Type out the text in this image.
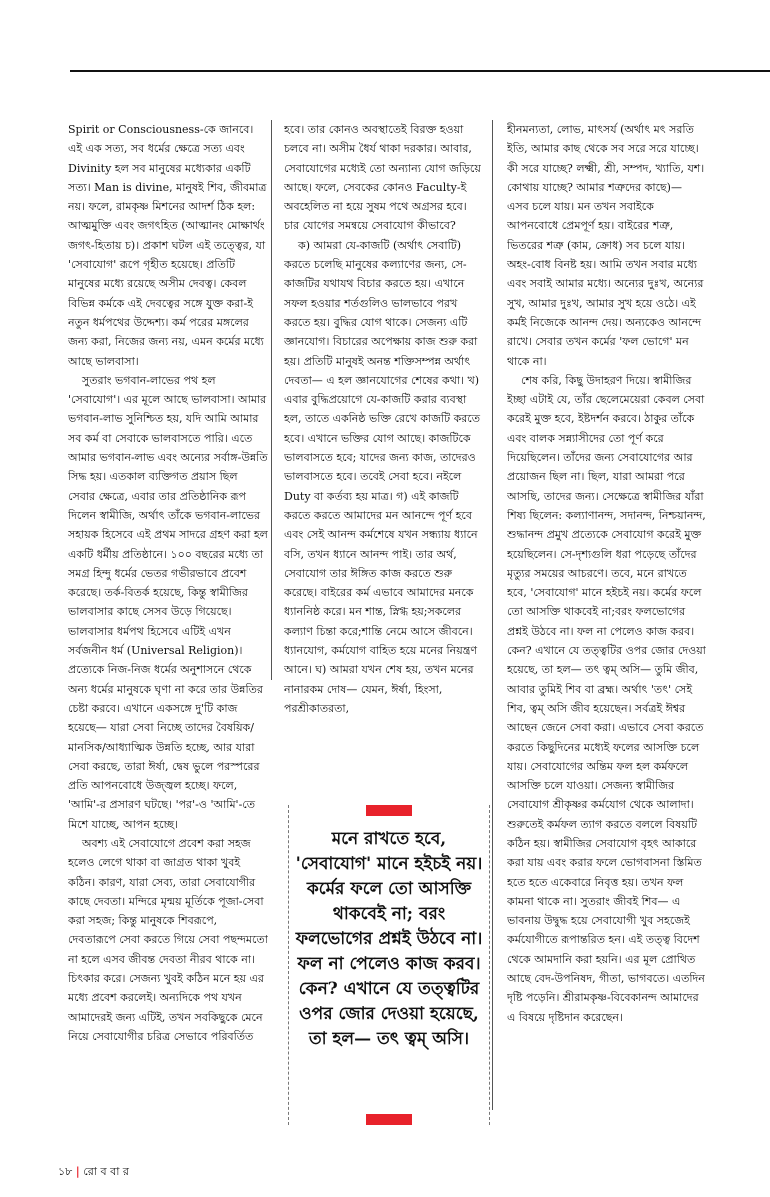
Spirit or Consciousness-কে জানবে। এই এক সত্য, সব ধর্মের ক্ষেত্রে সত্য এবং Divinity হল সব মানুষের মধ্যেকার একটি সত্য। Man is divine, মানুষই শিব, জীবমাত্র নয়। ফলে, রামকৃষ্ণ মিশনের আদর্শ ঠিক হল: আত্মমুক্তি এবং জগৎহিত (আত্মানং মোক্ষার্থং জগৎ-হিতায় চ)। প্রকাশ ঘটল এই তত্ত্বের, যা 'সেবাযোগ' রূপে গৃহীত হয়েছে। প্রতিটি মানুষের মধ্যে রয়েছে অসীম দেবত্ব। কেবল বিভিন্ন কর্মকে এই দেবত্বের সঙ্গে যুক্ত করা-ই নতুন ধর্মপথের উদ্দেশ্য। কর্ম পরের মঙ্গলের জন্য করা, নিজের জন্য নয়, এমন কর্মের মধ্যে আছে ভালবাসা।

সুতরাং ভগবান-লাভের পথ হল 'সেবাযোগ'। এর মূলে আছে ভালবাসা। আমার ভগবান-লাভ সুনিশ্চিত হয়, যদি আমি আমার সব কর্ম বা সেবাকে ভালবাসতে পারি। এতে আমার ভগবান-লাভ এবং অন্যের সর্বাঙ্গ-উন্নতি সিদ্ধ হয়। এতকাল ব্যক্তিগত প্রয়াস ছিল সেবার ক্ষেত্রে, এবার তার প্রতিষ্ঠানিক রূপ দিলেন স্বামীজি, অর্থাৎ তাঁকে ভগবান-লাভের সহায়ক হিসেবে এই প্রথম সাদরে গ্রহণ করা হল একটি ধর্মীয় প্রতিষ্ঠানে। ১০০ বছরের মধ্যে তা সমগ্র হিন্দু ধর্মের ভেতর গভীরভাবে প্রবেশ করেছে। তর্ক-বিতর্ক হয়েছে, কিন্তু স্বামীজির ভালবাসার কাছে সেসব উড়ে গিয়েছে। ভালবাসার ধর্মপথ হিসেবে এটিই এখন সর্বজনীন ধর্ম (Universal Religion)। প্রত্যেকে নিজ-নিজ ধর্মের অনুশাসনে থেকে অন্য ধর্মের মানুষকে ঘৃণা না করে তার উন্নতির চেষ্টা করবে। এখানে একসঙ্গে দু'টি কাজ হয়েছে— যারা সেবা নিচ্ছে তাদের বৈষয়িক/মানসিক/আধ্যাত্মিক উন্নতি হচ্ছে, আর যারা সেবা করছে, তারা ঈর্ষা, দ্বেষ ভুলে পরস্পরের প্রতি আপনবোধে উজ্জ্বল হচ্ছে। ফলে, 'আমি'-র প্রসারণ ঘটছে। 'পর'-ও 'আমি'-তে মিশে যাচ্ছে, আপন হচ্ছে।

অবশ্য এই সেবাযোগে প্রবেশ করা সহজ হলেও লেগে থাকা বা জাগ্রত থাকা খুবই কঠিন। কারণ, যারা সেব্য, তারা সেবাযোগীর কাছে দেবতা। মন্দিরে মৃন্ময় মূর্তিকে পূজা-সেবা করা সহজ; কিন্তু মানুষকে শিবরূপে, দেবতারূপে সেবা করতে গিয়ে সেবা পছন্দমতো না হলে এসব জীবন্ত দেবতা নীরব থাকে না। চিৎকার করে। সেজন্য খুবই কঠিন মনে হয় এর মধ্যে প্রবেশ করলেই। অন্যদিকে পথ যখন আমাদেরই জন্য এটিই, তখন সবকিছুকে মেনে নিয়ে সেবাযোগীর চরিত্র সেভাবে পরিবর্তিত

হবে। তার কোনও অবস্থাতেই বিরক্ত হওয়া চলবে না। অসীম ধৈর্য থাকা দরকার। আবার, সেবাযোগের মধ্যেই তো অন্যান্য যোগ জড়িয়ে আছে। ফলে, সেবকের কোনও Faculty-ই অবহেলিত না হয়ে সুষম পথে অগ্রসর হবে। চার যোগের সমন্বয়ে সেবাযোগ কীভাবে?

ক) আমরা যে-কাজটি (অর্থাৎ সেবাটি) করতে চলেছি মানুষের কল্যাণের জন্য, সে-কাজটির যথাযথ বিচার করতে হয়। এখানে সফল হওয়ার শর্তগুলিও ভালভাবে পরখ করতে হয়। বুদ্ধির যোগ থাকে। সেজন্য এটি জ্ঞানযোগ। বিচারের অপেক্ষায় কাজ শুরু করা হয়। প্রতিটি মানুষই অনন্ত শক্তিসম্পন্ন অর্থাৎ দেবতা— এ হল জ্ঞানযোগের শেষের কথা। খ) এবার বুদ্ধিপ্রয়োগে যে-কাজটি করার ব্যবস্থা হল, তাতে একনিষ্ঠ ভক্তি রেখে কাজটি করতে হবে। এখানে ভক্তির যোগ আছে। কাজটিকে ভালবাসতে হবে; যাদের জন্য কাজ, তাদেরও ভালবাসতে হবে। তবেই সেবা হবে। নইলে Duty বা কর্তব্য হয় মাত্র। গ) এই কাজটি করতে করতে আমাদের মন আনন্দে পূর্ণ হবে এবং সেই আনন্দ কর্মশেষে যখন সন্ধ্যায় ধ্যানে বসি, তখন ধ্যানে আনন্দ পাই। তার অর্থ, সেবাযোগ তার ঈঙ্গিত কাজ করতে শুরু করেছে। বাইরের কর্ম এভাবে আমাদের মনকে ধ্যাননিষ্ঠ করে। মন শান্ত, স্নিগ্ধ হয়;সকলের কল্যাণ চিন্তা করে;শান্তি নেমে আসে জীবনে। ধ্যানযোগ, কর্মযোগ বাহিত হয়ে মনের নিয়ন্ত্রণ আনে। ঘ) আমরা যখন শেষ হয়, তখন মনের নানারকম দোষ— যেমন, ঈর্ষা, হিংসা, পরশ্রীকাতরতা,

মনে রাখতে হবে, 'সেবাযোগ' মানে হইচই নয়। কর্মের ফলে তো আসক্তি থাকবেই না; বরং ফলভোগের প্রশ্নই উঠবে না। ফল না পেলেও কাজ করব। কেন? এখানে যে তত্ত্বটির ওপর জোর দেওয়া হয়েছে, তা হল— তৎ ত্বম্‌ অসি।

হীনমন্যতা, লোভ, মাৎসর্য (অর্থাৎ মৎ সরতি ইতি, আমার কাছ থেকে সব সরে সরে যাচ্ছে। কী সরে যাচ্ছে? লক্ষ্মী, শ্রী, সম্পদ, খ্যাতি, যশ। কোথায় যাচ্ছে? আমার শত্রুদের কাছে)— এসব চলে যায়। মন তখন সবাইকে আপনবোধে প্রেমপূর্ণ হয়। বাইরের শত্রু, ভিতরের শত্রু (কাম, ক্রোধ) সব চলে যায়। অহং-বোধ বিনষ্ট হয়। আমি তখন সবার মধ্যে এবং সবাই আমার মধ্যে। অন্যের দুঃখ, অন্যের সুখ, আমার দুঃখ, আমার সুখ হয়ে ওঠে। এই কর্মই নিজেকে আনন্দ দেয়। অন্যকেও আনন্দে রাখে। সেবার তখন কর্মের 'ফল ভোগে' মন থাকে না।

শেষ করি, কিছু উদাহরণ দিয়ে। স্বামীজির ইচ্ছা এটাই যে, তাঁর ছেলেমেয়েরা কেবল সেবা করেই মুক্ত হবে, ইষ্টদর্শন করবে। ঠাকুর তাঁকে এবং বালক সন্ন্যাসীদের তো পূর্ণ করে দিয়েছিলেন। তাঁদের জন্য সেবাযোগের আর প্রয়োজন ছিল না। ছিল, যারা আমরা পরে আসছি, তাদের জন্য। সেক্ষেত্রে স্বামীজির যাঁরা শিষ্য ছিলেন: কল্যাণানন্দ, সদানন্দ, নিশ্চয়ানন্দ, শুদ্ধানন্দ প্রমুখ প্রত্যেকে সেবাযোগ করেই মুক্ত হয়েছিলেন। সে-দৃশ্যগুলি ধরা পড়েছে তাঁদের মৃত্যুর সময়ের আচরণে। তবে, মনে রাখতে হবে, 'সেবাযোগ' মানে হইচই নয়। কর্মের ফলে তো আসক্তি থাকবেই না;বরং ফলভোগের প্রশ্নই উঠবে না। ফল না পেলেও কাজ করব। কেন? এখানে যে তত্ত্বটির ওপর জোর দেওয়া হয়েছে, তা হল— তৎ ত্বম্‌ অসি— তুমি জীব, আবার তুমিই শিব বা ব্রহ্ম। অর্থাৎ 'তৎ' সেই শিব, ত্বম্‌ অসি জীব হয়েছেন। সর্বত্রই ঈশ্বর আছেন জেনে সেবা করা। এভাবে সেবা করতে করতে কিছুদিনের মধ্যেই ফলের আসক্তি চলে যায়। সেবাযোগের অন্তিম ফল হল কর্মফলে আসক্তি চলে যাওয়া। সেজন্য স্বামীজির সেবাযোগ শ্রীকৃষ্ণর কর্মযোগ থেকে আলাদা। শুরুতেই কর্মফল ত্যাগ করতে বললে বিষয়টি কঠিন হয়। স্বামীজির সেবাযোগ বৃহৎ আকারে করা যায় এবং করার ফলে ভোগবাসনা স্তিমিত হতে হতে একেবারে নিবৃত্ত হয়। তখন ফল কামনা থাকে না। সুতরাং জীবই শিব— এ ভাবনায় উদ্বুদ্ধ হয়ে সেবাযোগী খুব সহজেই কর্মযোগীতে রূপান্তরিত হন। এই তত্ত্ব বিদেশ থেকে আমদানি করা হয়নি। এর মূল প্রোথিত আছে বেদ-উপনিষদ, গীতা, ভাগবতে। এতদিন দৃষ্টি পড়েনি। শ্রীরামকৃষ্ণ-বিবেকানন্দ আমাদের এ বিষয়ে দৃষ্টিদান করেছেন।

১৮ | রো ব বা র
